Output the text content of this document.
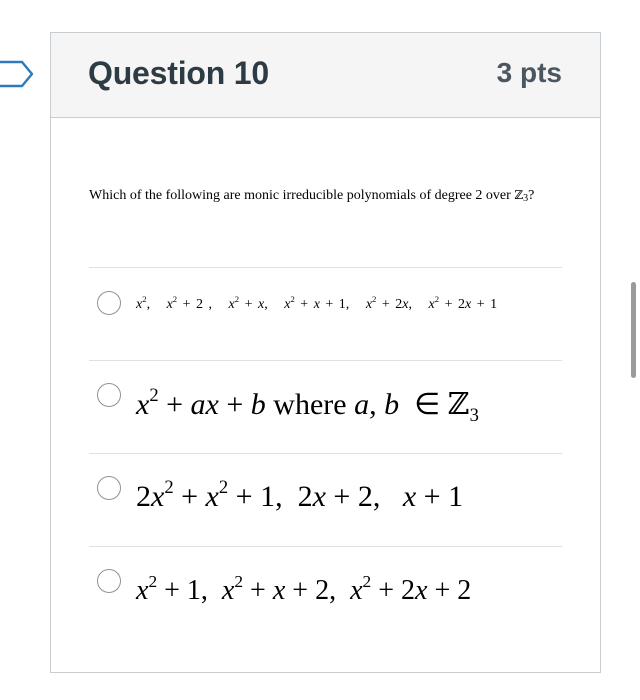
Question 10	3 pts
Which of the following are monic irreducible polynomials of degree 2 over ℤ3?
$x^2$,   $x^2 + 2$ ,   $x^2 + x$,   $x^2 + x + 1$,   $x^2 + 2x$,   $x^2 + 2x + 1$
$x^2$ + ax + b where a, b  ∈ ℤ$_3$
$2x^2 + x^2 + 1$,  2x + 2,   x + 1
$x^2 + 1$,  $x^2 + x + 2$,  $x^2 + 2x + 2$
